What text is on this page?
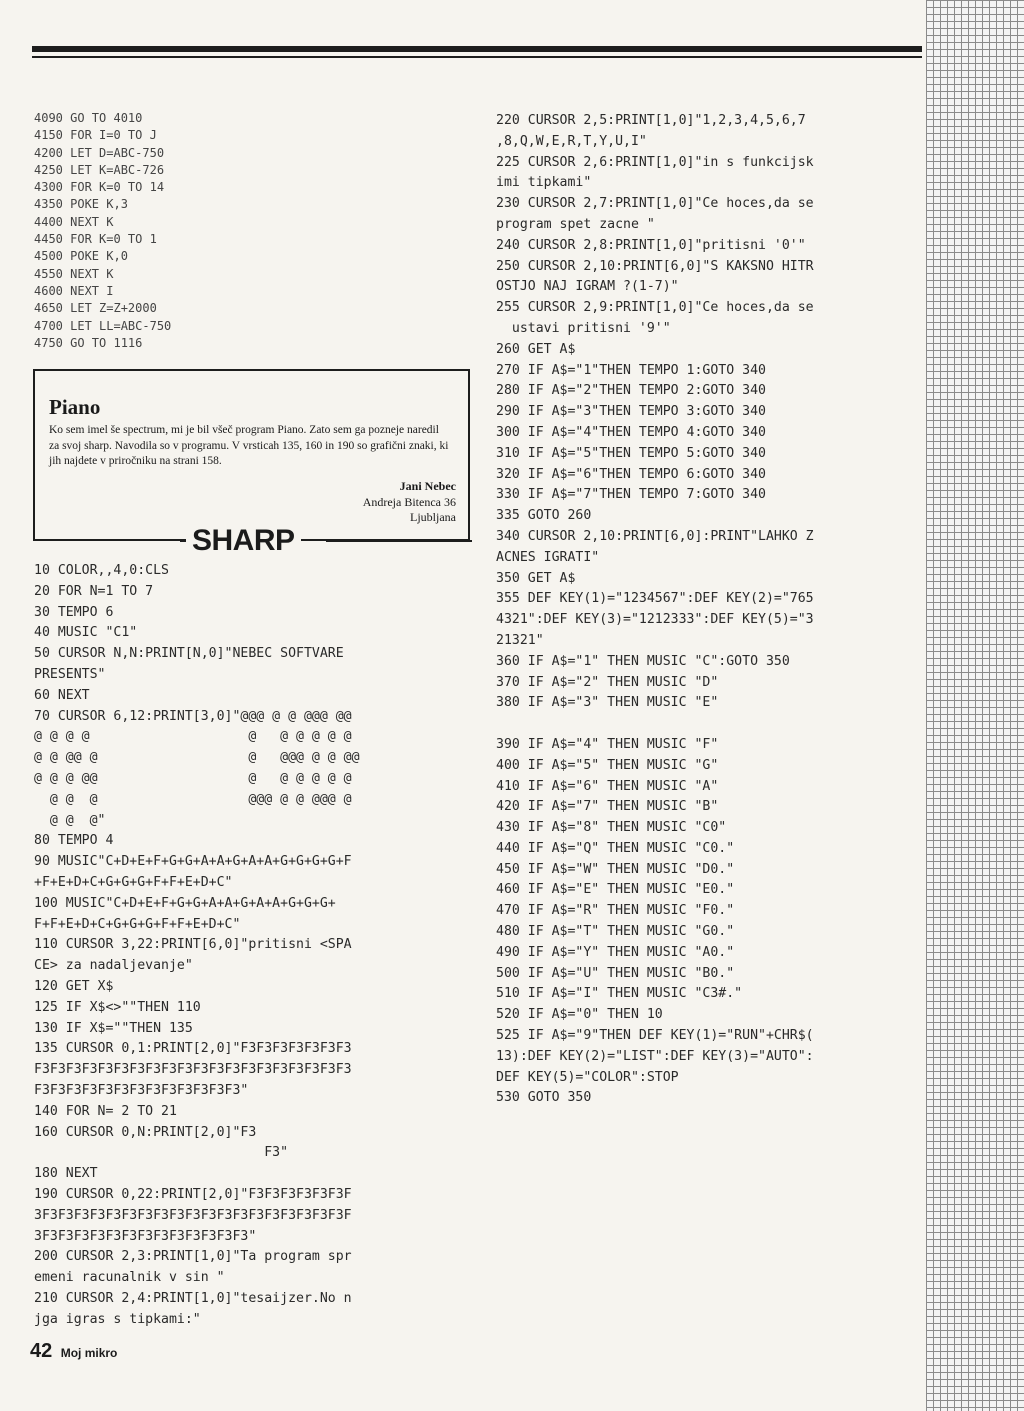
4090 GO TO 4010
4150 FOR I=0 TO J
4200 LET D=ABC-750
4250 LET K=ABC-726
4300 FOR K=0 TO 14
4350 POKE K,3
4400 NEXT K
4450 FOR K=0 TO 1
4500 POKE K,0
4550 NEXT K
4600 NEXT I
4650 LET Z=Z+2000
4700 LET LL=ABC-750
4750 GO TO 1116
Piano

Ko sem imel še spectrum, mi je bil všeč program Piano. Zato sem ga pozneje naredil za svoj sharp. Navodila so v programu. V vrsticah 135, 160 in 190 so grafični znaki, ki jih najdete v priročniku na strani 158.

Jani Nebec
Andreja Bitenca 36
Ljubljana
SHARP
10 COLOR,,4,0:CLS
20 FOR N=1 TO 7
30 TEMPO 6
40 MUSIC "C1"
50 CURSOR N,N:PRINT[N,0]"NEBEC SOFTVARE
PRESENTS"
60 NEXT
70 CURSOR 6,12:PRINT[3,0]"@@@ @ @ @@@ @@
@ @ @ @                    @   @ @ @ @ @
@ @ @@ @                   @   @@@ @ @ @@
@ @ @ @@                   @   @ @ @ @ @
@ @  @                   @@@ @ @ @@@ @
@ @  @"
80 TEMPO 4
90 MUSIC"C+D+E+F+G+G+A+A+G+A+A+G+G+G+G+F
+F+E+D+C+G+G+G+F+F+E+D+C"
100 MUSIC"C+D+E+F+G+G+A+A+G+A+A+G+G+G+
F+F+E+D+C+G+G+G+F+F+E+D+C"
110 CURSOR 3,22:PRINT[6,0]"pritisni <SPA
CE> za nadaljevanje"
120 GET X$
125 IF X$<>""THEN 110
130 IF X$=""THEN 135
135 CURSOR 0,1:PRINT[2,0]"F3F3F3F3F3F3F3
F3F3F3F3F3F3F3F3F3F3F3F3F3F3F3F3F3F3F3F3
F3F3F3F3F3F3F3F3F3F3F3F3F3"
140 FOR N= 2 TO 21
160 CURSOR 0,N:PRINT[2,0]"F3
F3"
180 NEXT
190 CURSOR 0,22:PRINT[2,0]"F3F3F3F3F3F3F
3F3F3F3F3F3F3F3F3F3F3F3F3F3F3F3F3F3F3F3F
3F3F3F3F3F3F3F3F3F3F3F3F3F3"
200 CURSOR 2,3:PRINT[1,0]"Ta program spr
emeni racunalnik v sin "
210 CURSOR 2,4:PRINT[1,0]"tesaijzer.No n
jga igras s tipkami:"
220 CURSOR 2,5:PRINT[1,0]"1,2,3,4,5,6,7
,8,Q,W,E,R,T,Y,U,I"
225 CURSOR 2,6:PRINT[1,0]"in s funkcijsk
imi tipkami"
230 CURSOR 2,7:PRINT[1,0]"Ce hoces,da se
program spet zacne "
240 CURSOR 2,8:PRINT[1,0]"pritisni '0'"
250 CURSOR 2,10:PRINT[6,0]"S KAKSNO HITR
OSTJO NAJ IGRAM ?(1-7)"
255 CURSOR 2,9:PRINT[1,0]"Ce hoces,da se
ustavi pritisni '9'"
260 GET A$
270 IF A$="1"THEN TEMPO 1:GOTO 340
280 IF A$="2"THEN TEMPO 2:GOTO 340
290 IF A$="3"THEN TEMPO 3:GOTO 340
300 IF A$="4"THEN TEMPO 4:GOTO 340
310 IF A$="5"THEN TEMPO 5:GOTO 340
320 IF A$="6"THEN TEMPO 6:GOTO 340
330 IF A$="7"THEN TEMPO 7:GOTO 340
335 GOTO 260
340 CURSOR 2,10:PRINT[6,0]:PRINT"LAHKO Z
ACNES IGRATI"
350 GET A$
355 DEF KEY(1)="1234567":DEF KEY(2)="765
4321":DEF KEY(3)="1212333":DEF KEY(5)="3
21321"
360 IF A$="1" THEN MUSIC "C":GOTO 350
370 IF A$="2" THEN MUSIC "D"
380 IF A$="3" THEN MUSIC "E"

390 IF A$="4" THEN MUSIC "F"
400 IF A$="5" THEN MUSIC "G"
410 IF A$="6" THEN MUSIC "A"
420 IF A$="7" THEN MUSIC "B"
430 IF A$="8" THEN MUSIC "C0"
440 IF A$="Q" THEN MUSIC "C0."
450 IF A$="W" THEN MUSIC "D0."
460 IF A$="E" THEN MUSIC "E0."
470 IF A$="R" THEN MUSIC "F0."
480 IF A$="T" THEN MUSIC "G0."
490 IF A$="Y" THEN MUSIC "A0."
500 IF A$="U" THEN MUSIC "B0."
510 IF A$="I" THEN MUSIC "C3#."
520 IF A$="0" THEN 10
525 IF A$="9"THEN DEF KEY(1)="RUN"+CHR$(
13):DEF KEY(2)="LIST":DEF KEY(3)="AUTO":
DEF KEY(5)="COLOR":STOP
530 GOTO 350
42 Moj mikro
